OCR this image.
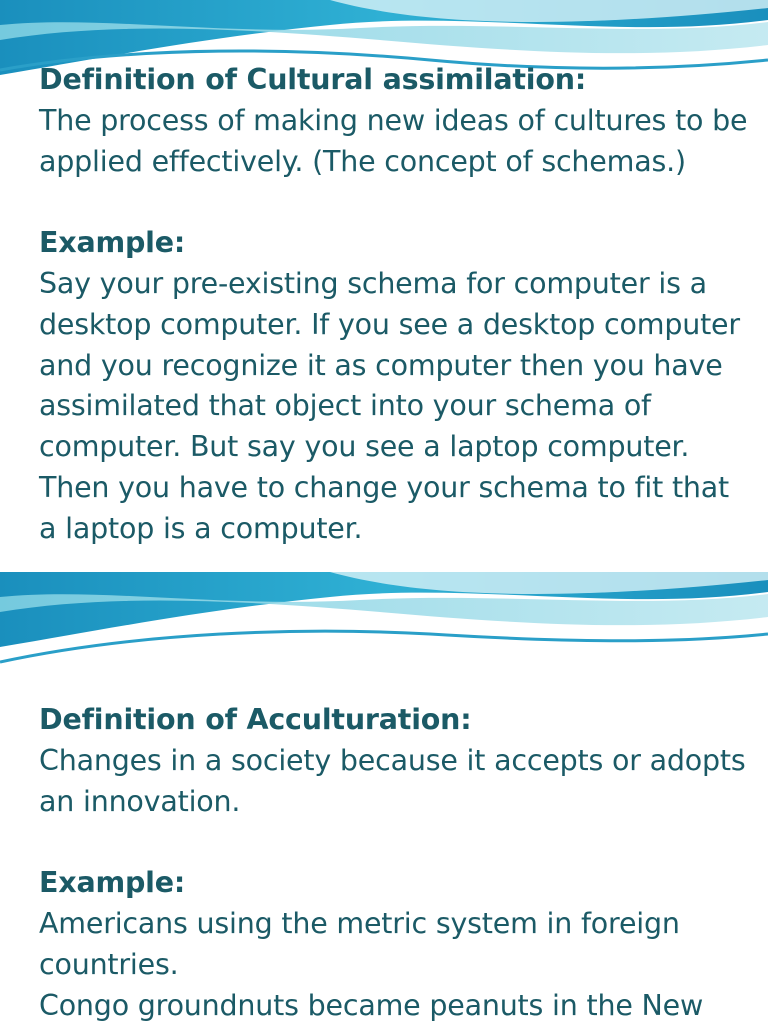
Definition of Cultural assimilation:
The process of making new ideas of cultures to be applied effectively. (The concept of schemas.)
Example:
Say your pre-existing schema for computer is a desktop computer. If you see a desktop computer and you recognize it as computer then you have assimilated that object into your schema of computer. But say you see a laptop computer. Then you have to change your schema to fit that a laptop is a computer.
Definition of Acculturation:
Changes in a society because it accepts or adopts an innovation.
Example:
Americans using the metric system in foreign countries.
Congo groundnuts became peanuts in the New
